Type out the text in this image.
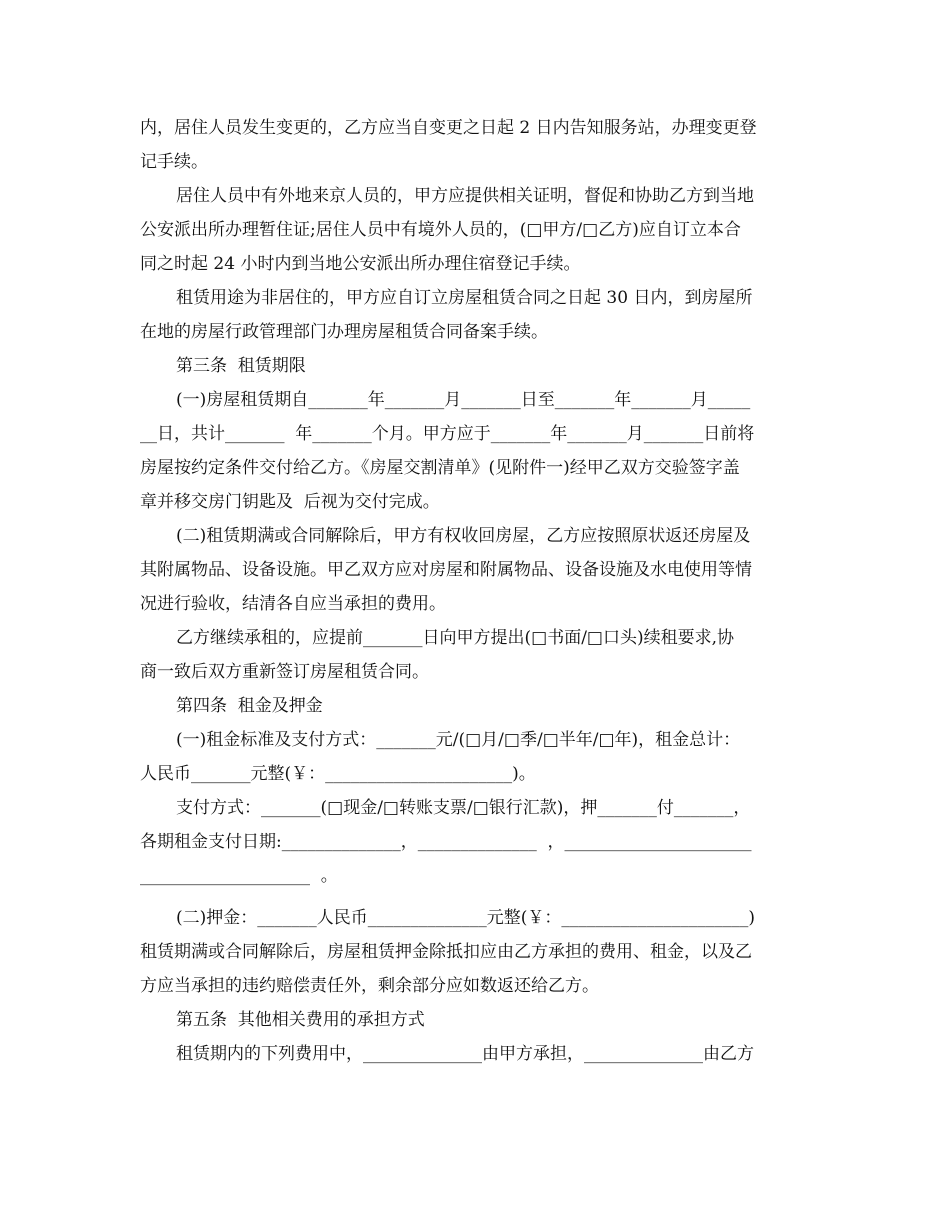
内，居住人员发生变更的，乙方应当自变更之日起 2 日内告知服务站，办理变更登
记手续。
居住人员中有外地来京人员的，甲方应提供相关证明，督促和协助乙方到当地
公安派出所办理暂住证;居住人员中有境外人员的，(□甲方/□乙方)应自订立本合
同之时起 24 小时内到当地公安派出所办理住宿登记手续。
租赁用途为非居住的，甲方应自订立房屋租赁合同之日起 30 日内，到房屋所
在地的房屋行政管理部门办理房屋租赁合同备案手续。
第三条  租赁期限
(一)房屋租赁期自_______年_______月_______日至_______年_______月_____
__日，共计_______  年_______个月。甲方应于_______年_______月_______日前将
房屋按约定条件交付给乙方。《房屋交割清单》(见附件一)经甲乙双方交验签字盖
章并移交房门钥匙及  后视为交付完成。
(二)租赁期满或合同解除后，甲方有权收回房屋，乙方应按照原状返还房屋及
其附属物品、设备设施。甲乙双方应对房屋和附属物品、设备设施及水电使用等情
况进行验收，结清各自应当承担的费用。
乙方继续承租的，应提前_______日向甲方提出(□书面/□口头)续租要求,协
商一致后双方重新签订房屋租赁合同。
第四条  租金及押金
(一)租金标准及支付方式：_______元/(□月/□季/□半年/□年)，租金总计：
人民币_______元整(￥：______________________)。
支付方式：_______(□现金/□转账支票/□银行汇款)，押_______付_______，
各期租金支付日期:______________，______________  ，______________________
____________________  。
(二)押金：_______人民币______________元整(￥：______________________)
租赁期满或合同解除后，房屋租赁押金除抵扣应由乙方承担的费用、租金，以及乙
方应当承担的违约赔偿责任外，剩余部分应如数返还给乙方。
第五条  其他相关费用的承担方式
租赁期内的下列费用中，______________由甲方承担，______________由乙方
